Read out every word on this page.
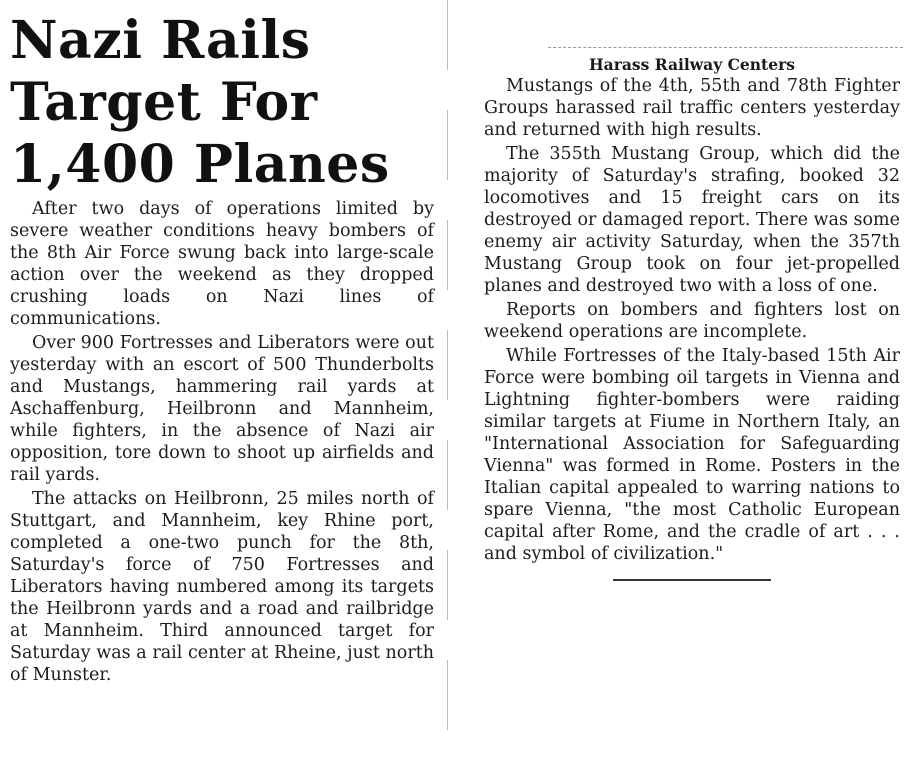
Nazi Rails
Target For
1,400 Planes

After two days of operations limited by severe weather conditions heavy bombers of the 8th Air Force swung back into large-scale action over the weekend as they dropped crushing loads on Nazi lines of communications.

Over 900 Fortresses and Liberators were out yesterday with an escort of 500 Thunderbolts and Mustangs, hammering rail yards at Aschaffenburg, Heilbronn and Mannheim, while fighters, in the absence of Nazi air opposition, tore down to shoot up airfields and rail yards.

The attacks on Heilbronn, 25 miles north of Stuttgart, and Mannheim, key Rhine port, completed a one-two punch for the 8th, Saturday's force of 750 Fortresses and Liberators having numbered among its targets the Heilbronn yards and a road and railbridge at Mannheim. Third announced target for Saturday was a rail center at Rheine, just north of Munster.

Harass Railway Centers

Mustangs of the 4th, 55th and 78th Fighter Groups harassed rail traffic centers yesterday and returned with high results.

The 355th Mustang Group, which did the majority of Saturday's strafing, booked 32 locomotives and 15 freight cars on its destroyed or damaged report. There was some enemy air activity Saturday, when the 357th Mustang Group took on four jet-propelled planes and destroyed two with a loss of one.

Reports on bombers and fighters lost on weekend operations are incomplete.

While Fortresses of the Italy-based 15th Air Force were bombing oil targets in Vienna and Lightning fighter-bombers were raiding similar targets at Fiume in Northern Italy, an "International Association for Safeguarding Vienna" was formed in Rome. Posters in the Italian capital appealed to warring nations to spare Vienna, "the most Catholic European capital after Rome, and the cradle of art . . . and symbol of civilization."
